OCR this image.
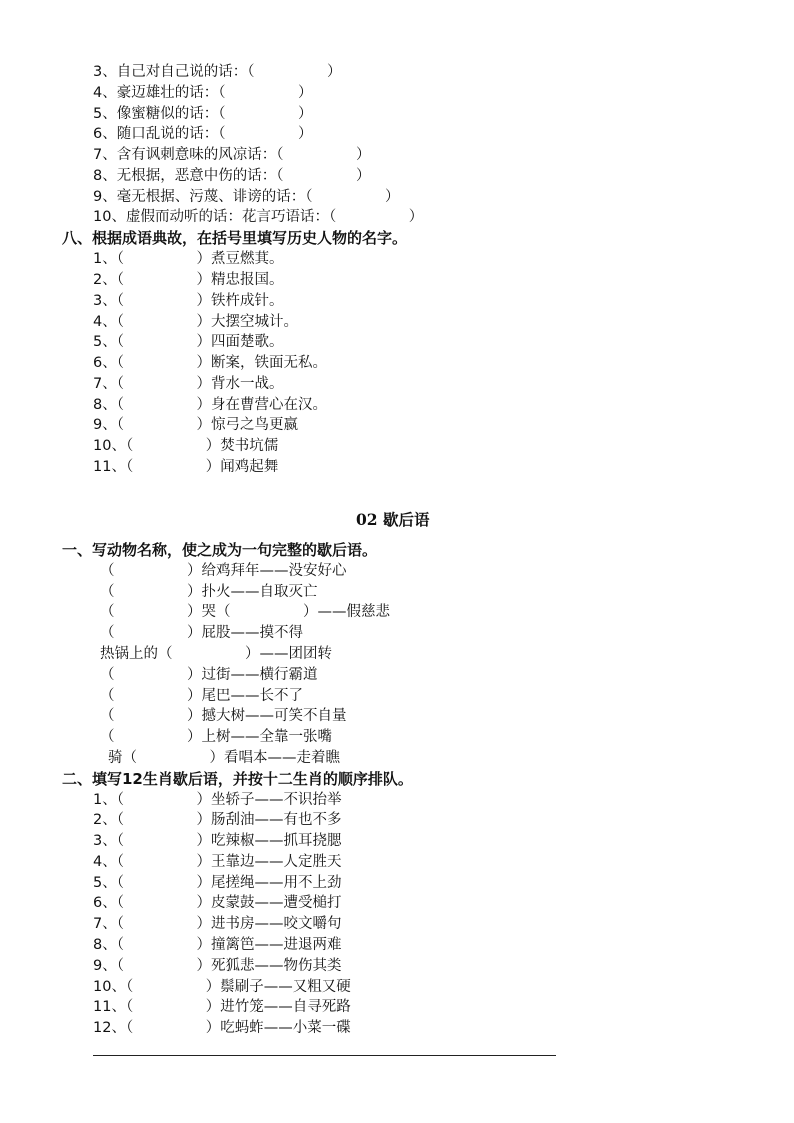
3、自己对自己说的话：（　　　　　）
4、豪迈雄壮的话：（　　　　　）
5、像蜜糖似的话：（　　　　　）
6、随口乱说的话：（　　　　　）
7、含有讽刺意味的风凉话：（　　　　　）
8、无根据，恶意中伤的话：（　　　　　）
9、毫无根据、污蔑、诽谤的话：（　　　　　）
10、虚假而动听的话：花言巧语话：（　　　　　）
八、根据成语典故，在括号里填写历史人物的名字。
1、（　　　　　）煮豆燃萁。
2、（　　　　　）精忠报国。
3、（　　　　　）铁杵成针。
4、（　　　　　）大摆空城计。
5、（　　　　　）四面楚歌。
6、（　　　　　）断案，铁面无私。
7、（　　　　　）背水一战。
8、（　　　　　）身在曹营心在汉。
9、（　　　　　）惊弓之鸟更嬴
10、（　　　　　）焚书坑儒
11、（　　　　　）闻鸡起舞
02 歇后语
一、写动物名称，使之成为一句完整的歇后语。
（　　　　　）给鸡拜年——没安好心
（　　　　　）扑火——自取灭亡
（　　　　　）哭（　　　　　）——假慈悲
（　　　　　）屁股——摸不得
热锅上的（　　　　　）——团团转
（　　　　　）过街——横行霸道
（　　　　　）尾巴——长不了
（　　　　　）撼大树——可笑不自量
（　　　　　）上树——全靠一张嘴
骑（　　　　　）看唱本——走着瞧
二、填写12生肖歇后语，并按十二生肖的顺序排队。
1、（　　　　　）坐轿子——不识抬举
2、（　　　　　）肠刮油——有也不多
3、（　　　　　）吃辣椒——抓耳挠腮
4、（　　　　　）王靠边——人定胜天
5、（　　　　　）尾搓绳——用不上劲
6、（　　　　　）皮蒙鼓——遭受槌打
7、（　　　　　）进书房——咬文嚼句
8、（　　　　　）撞篱笆——进退两难
9、（　　　　　）死狐悲——物伤其类
10、（　　　　　）鬃刷子——又粗又硬
11、（　　　　　）进竹笼——自寻死路
12、（　　　　　）吃蚂蚱——小菜一碟
